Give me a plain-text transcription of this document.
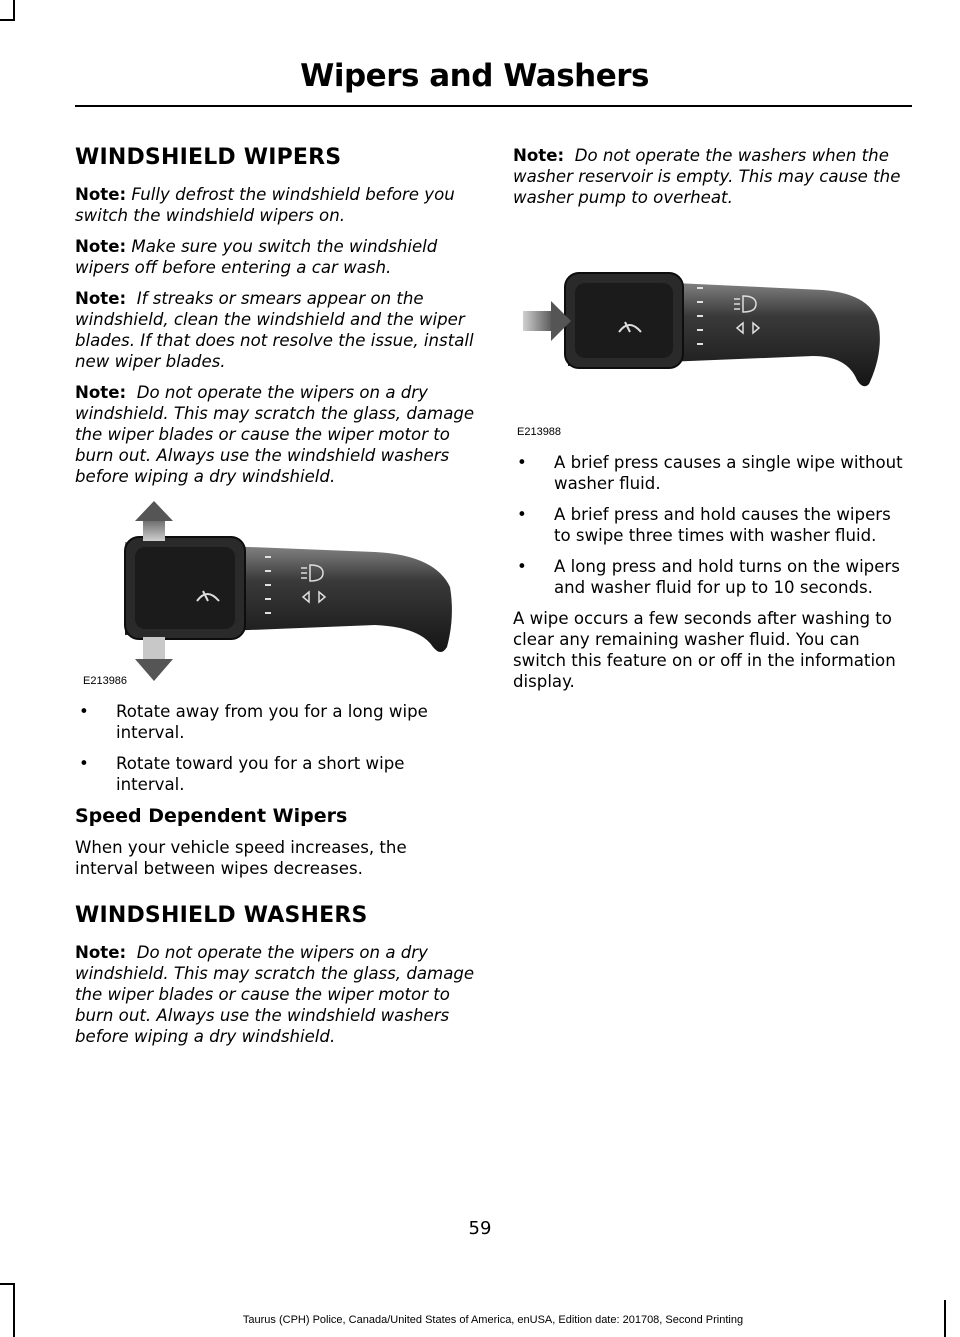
Wipers and Washers
WINDSHIELD WIPERS

Note: Fully defrost the windshield before you switch the windshield wipers on.

Note: Make sure you switch the windshield wipers off before entering a car wash.

Note: If streaks or smears appear on the windshield, clean the windshield and the wiper blades. If that does not resolve the issue, install new wiper blades.

Note: Do not operate the wipers on a dry windshield. This may scratch the glass, damage the wiper blades or cause the wiper motor to burn out. Always use the windshield washers before wiping a dry windshield.

E213986
• Rotate away from you for a long wipe interval.
• Rotate toward you for a short wipe interval.
Speed Dependent Wipers

When your vehicle speed increases, the interval between wipes decreases.

WINDSHIELD WASHERS

Note: Do not operate the wipers on a dry windshield. This may scratch the glass, damage the wiper blades or cause the wiper motor to burn out. Always use the windshield washers before wiping a dry windshield.

Note: Do not operate the washers when the washer reservoir is empty. This may cause the washer pump to overheat.

E213988
• A brief press causes a single wipe without washer fluid.
• A brief press and hold causes the wipers to swipe three times with washer fluid.
• A long press and hold turns on the wipers and washer fluid for up to 10 seconds.

A wipe occurs a few seconds after washing to clear any remaining washer fluid. You can switch this feature on or off in the information display.

59
Taurus (CPH) Police, Canada/United States of America, enUSA, Edition date: 201708, Second Printing
